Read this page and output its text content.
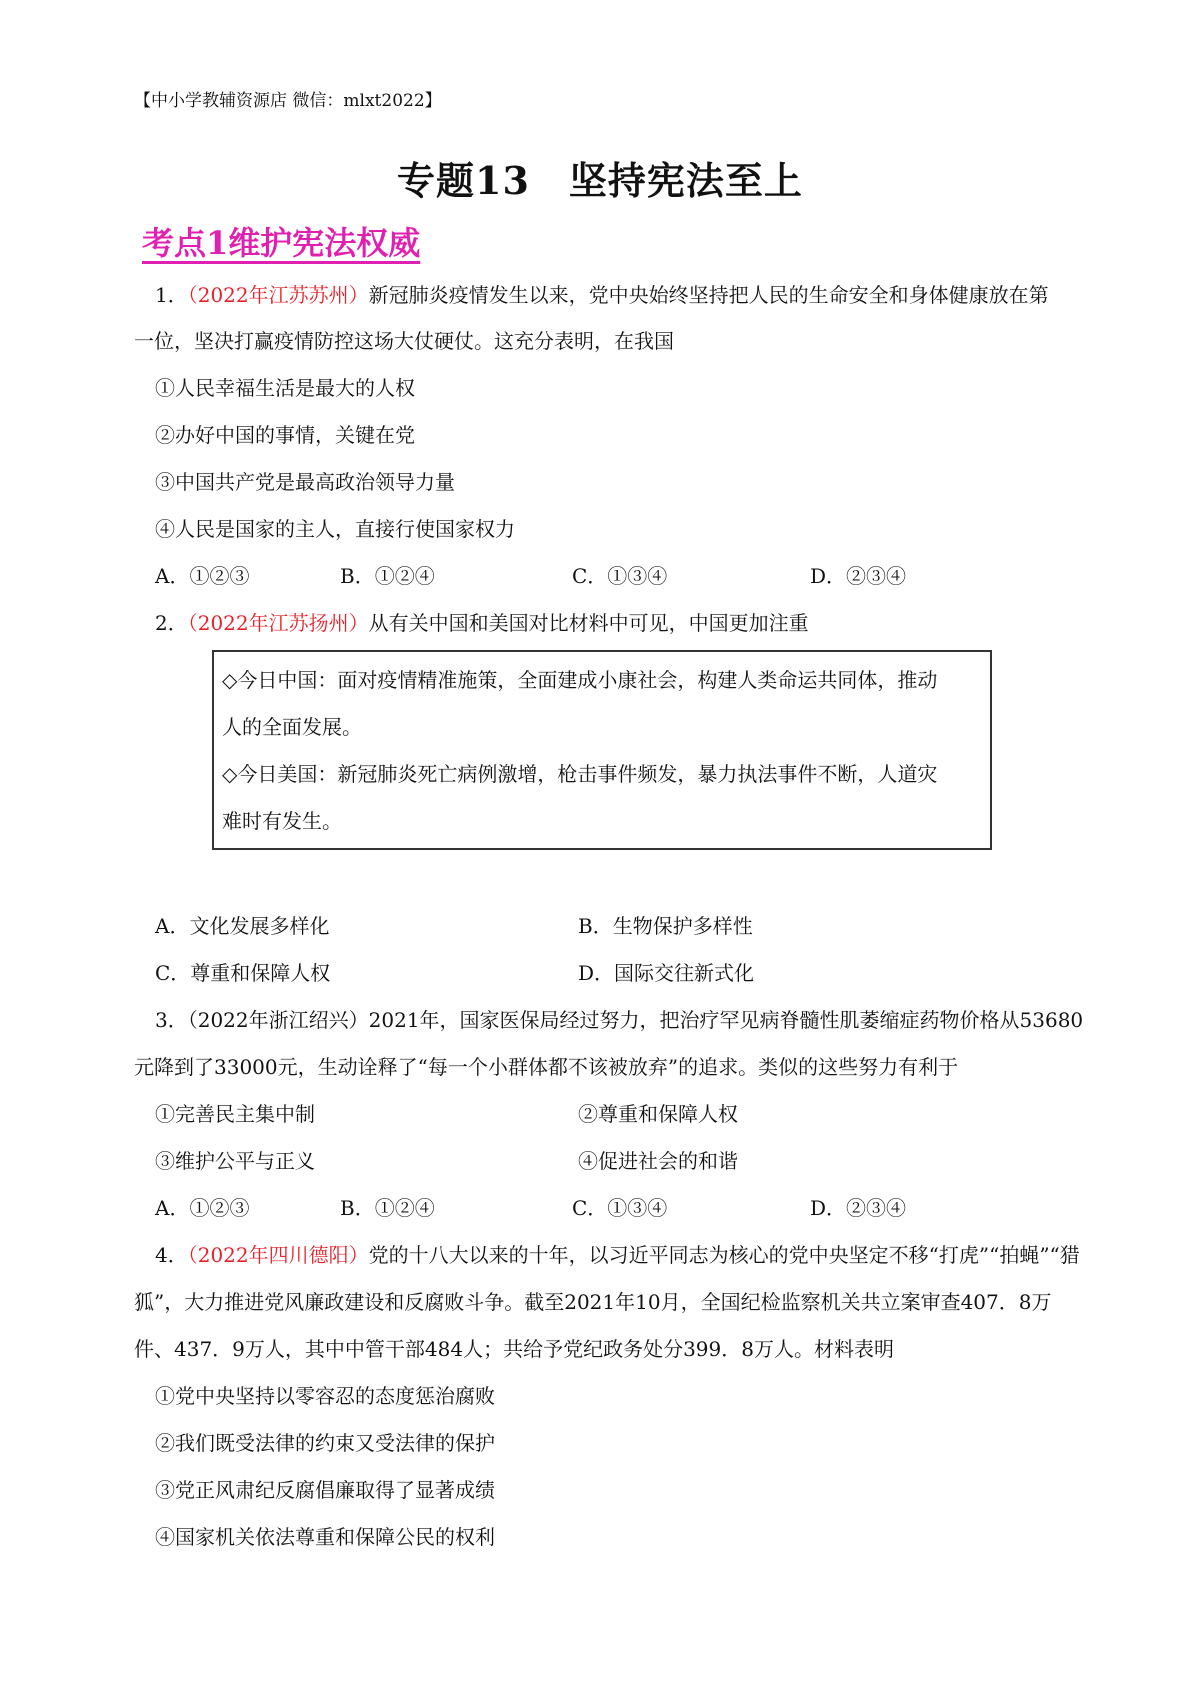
【中小学教辅资源店 微信：mlxt2022】
专题13　坚持宪法至上
考点1维护宪法权威
1．（2022年江苏苏州）新冠肺炎疫情发生以来，党中央始终坚持把人民的生命安全和身体健康放在第
一位，坚决打赢疫情防控这场大仗硬仗。这充分表明，在我国
①人民幸福生活是最大的人权
②办好中国的事情，关键在党
③中国共产党是最高政治领导力量
④人民是国家的主人，直接行使国家权力
A．①②③	B．①②④	C．①③④	D．②③④
2．（2022年江苏扬州）从有关中国和美国对比材料中可见，中国更加注重
◇今日中国：面对疫情精准施策，全面建成小康社会，构建人类命运共同体，推动
人的全面发展。
◇今日美国：新冠肺炎死亡病例激增，枪击事件频发，暴力执法事件不断，人道灾
难时有发生。
A．文化发展多样化	B．生物保护多样性
C．尊重和保障人权	D．国际交往新式化
3．（2022年浙江绍兴）2021年，国家医保局经过努力，把治疗罕见病脊髓性肌萎缩症药物价格从53680
元降到了33000元，生动诠释了“每一个小群体都不该被放弃”的追求。类似的这些努力有利于
①完善民主集中制	②尊重和保障人权
③维护公平与正义	④促进社会的和谐
A．①②③	B．①②④	C．①③④	D．②③④
4．（2022年四川德阳）党的十八大以来的十年，以习近平同志为核心的党中央坚定不移“打虎”“拍蝇”“猎
狐”，大力推进党风廉政建设和反腐败斗争。截至2021年10月，全国纪检监察机关共立案审查407．8万
件、437．9万人，其中中管干部484人；共给予党纪政务处分399．8万人。材料表明
①党中央坚持以零容忍的态度惩治腐败
②我们既受法律的约束又受法律的保护
③党正风肃纪反腐倡廉取得了显著成绩
④国家机关依法尊重和保障公民的权利
